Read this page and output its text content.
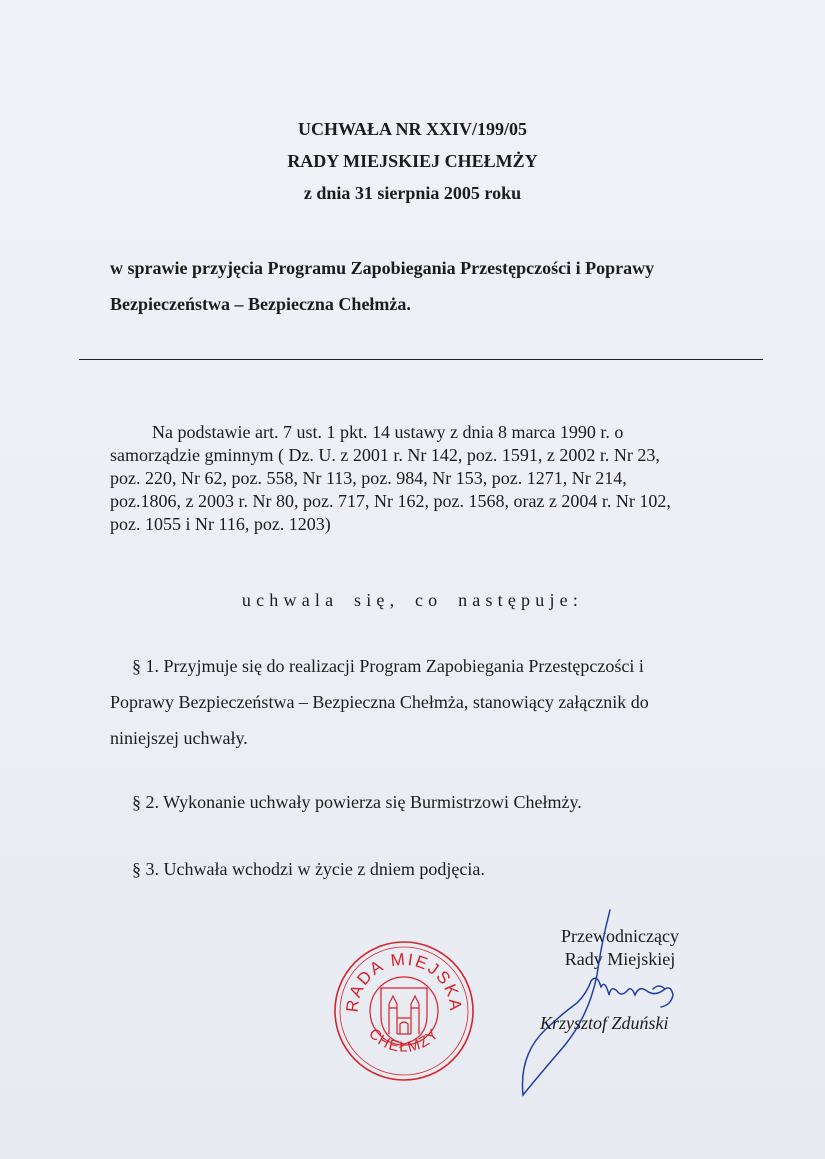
UCHWAŁA NR XXIV/199/05
RADY MIEJSKIEJ CHEŁMŻY
z dnia 31 sierpnia 2005 roku
w sprawie przyjęcia Programu Zapobiegania Przestępczości i Poprawy
Bezpieczeństwa – Bezpieczna Chełmża.
Na podstawie art. 7 ust. 1 pkt. 14 ustawy z dnia 8 marca 1990 r. o
samorządzie gminnym ( Dz. U. z 2001 r. Nr 142, poz. 1591, z 2002 r. Nr 23,
poz. 220, Nr 62, poz. 558, Nr 113, poz. 984, Nr 153, poz. 1271, Nr 214,
poz.1806, z 2003 r. Nr 80, poz. 717, Nr 162, poz. 1568, oraz z 2004 r. Nr 102,
poz. 1055 i Nr 116, poz. 1203)
uchwala się, co następuje:
§ 1. Przyjmuje się do realizacji Program Zapobiegania Przestępczości i
Poprawy Bezpieczeństwa – Bezpieczna Chełmża, stanowiący załącznik do
niniejszej uchwały.
§ 2. Wykonanie uchwały powierza się Burmistrzowi Chełmży.
§ 3. Uchwała wchodzi w życie z dniem podjęcia.
Przewodniczący
Rady Miejskiej
RADA MIEJSKA
CHEŁMŻY
Krzysztof Zduński
